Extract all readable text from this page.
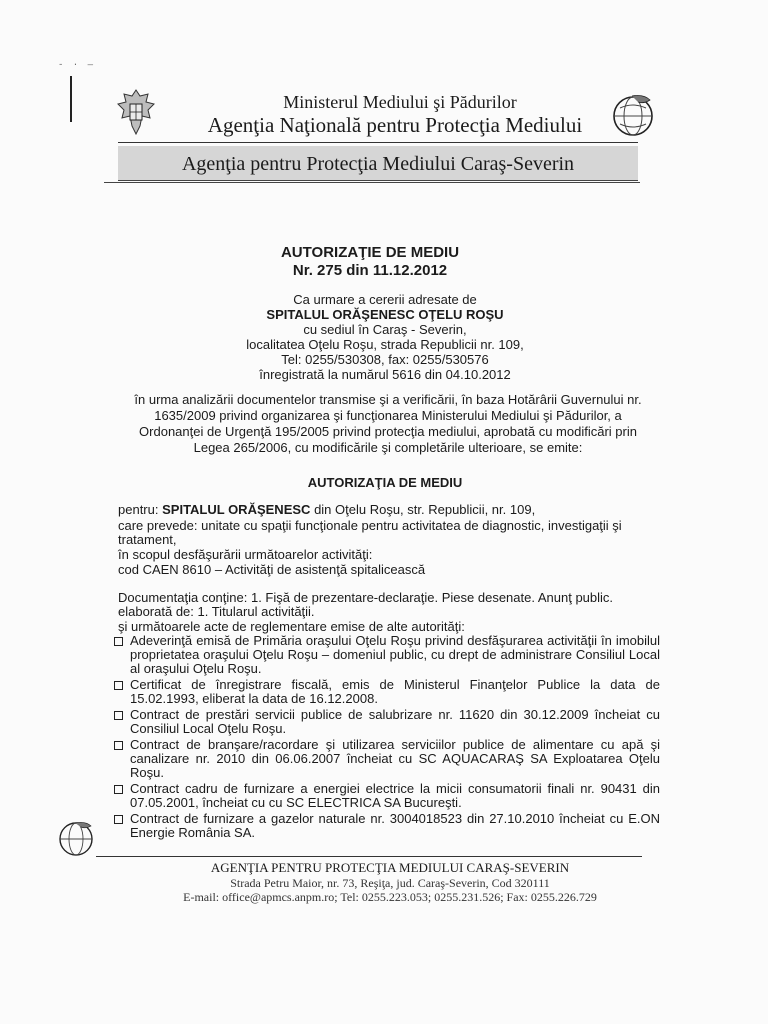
- · —
Ministerul Mediului şi Pădurilor
Agenţia Naţională pentru Protecţia Mediului
Agenţia pentru Protecţia Mediului Caraş-Severin
AUTORIZAŢIE DE MEDIU
Nr. 275 din 11.12.2012
Ca urmare a cererii adresate de
SPITALUL ORĂŞENESC OŢELU ROŞU
cu sediul în Caraş - Severin,
localitatea Oţelu Roşu, strada Republicii nr. 109,
Tel: 0255/530308, fax: 0255/530576
înregistrată la numărul 5616 din 04.10.2012
în urma analizării documentelor transmise şi a verificării, în baza Hotărârii Guvernului nr.
1635/2009 privind organizarea şi funcţionarea Ministerului Mediului şi Pădurilor, a
Ordonanţei de Urgenţă 195/2005 privind protecţia mediului, aprobată cu modificări prin
Legea 265/2006, cu modificările şi completările ulterioare, se emite:
AUTORIZAŢIA DE MEDIU
pentru: SPITALUL ORĂŞENESC din Oţelu Roşu, str. Republicii, nr. 109,
care prevede: unitate cu spaţii funcţionale pentru activitatea de diagnostic, investigaţii şi
tratament,
în scopul desfăşurării următoarelor activităţi:
cod CAEN 8610 – Activităţi de asistenţă spitalicească
Documentaţia conţine: 1. Fişă de prezentare-declaraţie. Piese desenate. Anunţ public.
elaborată de: 1. Titularul activităţii.
şi următoarele acte de reglementare emise de alte autorităţi:
Adeverinţă emisă de Primăria oraşului Oţelu Roşu privind desfăşurarea activităţii în imobilul proprietatea oraşului Oţelu Roşu – domeniul public, cu drept de administrare Consiliul Local al oraşului Oţelu Roşu.
Certificat de înregistrare fiscală, emis de Ministerul Finanţelor Publice la data de 15.02.1993, eliberat la data de 16.12.2008.
Contract de prestări servicii publice de salubrizare nr. 11620 din 30.12.2009 încheiat cu Consiliul Local Oţelu Roşu.
Contract de branşare/racordare şi utilizarea serviciilor publice de alimentare cu apă şi canalizare nr. 2010 din 06.06.2007 încheiat cu SC AQUACARAŞ SA Exploatarea Oţelu Roşu.
Contract cadru de furnizare a energiei electrice la micii consumatorii finali nr. 90431 din 07.05.2001, încheiat cu cu SC ELECTRICA SA Bucureşti.
Contract de furnizare a gazelor naturale nr. 3004018523 din 27.10.2010 încheiat cu E.ON Energie România SA.
AGENŢIA PENTRU PROTECŢIA MEDIULUI CARAŞ-SEVERIN
Strada Petru Maior, nr. 73, Reşiţa, jud. Caraş-Severin, Cod 320111
E-mail: office@apmcs.anpm.ro; Tel: 0255.223.053; 0255.231.526; Fax: 0255.226.729
